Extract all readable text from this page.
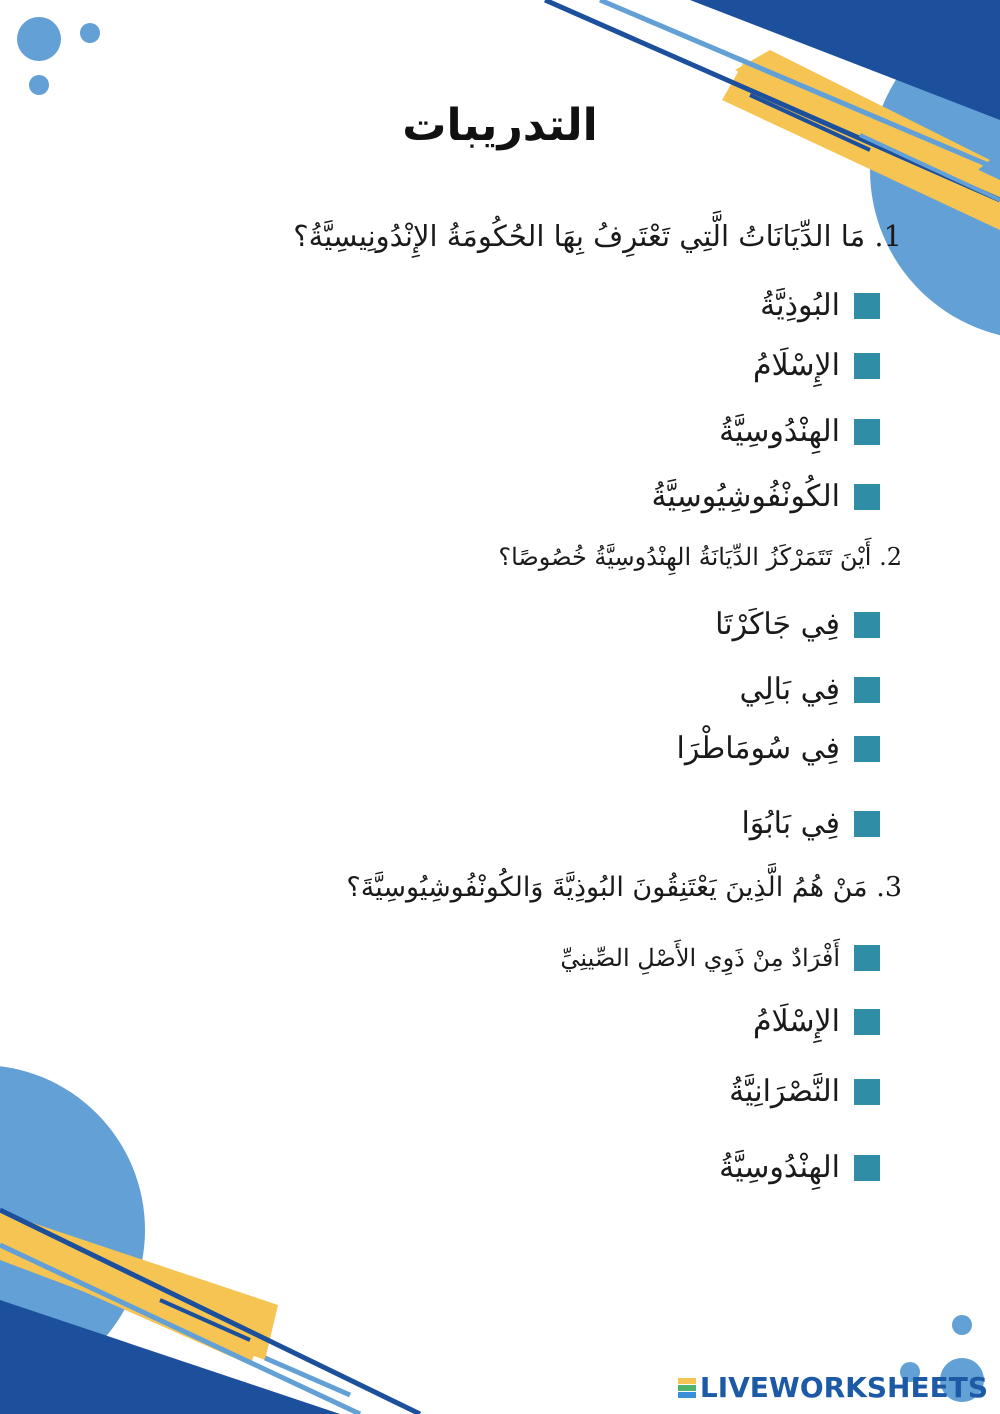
التدريبات
1. مَا الدِّيَانَاتُ الَّتِي تَعْتَرِفُ بِهَا الحُكُومَةُ الإِنْدُونِيسِيَّةُ؟
البُوذِيَّةُ
الإِسْلَامُ
الهِنْدُوسِيَّةُ
الكُونْفُوشِيُوسِيَّةُ
2. أَيْنَ تَتَمَرْكَزُ الدِّيَانَةُ الهِنْدُوسِيَّةُ خُصُوصًا؟
فِي جَاكَرْتَا
فِي بَالِي
فِي سُومَاطْرَا
فِي بَابُوَا
3. مَنْ هُمُ الَّذِينَ يَعْتَنِقُونَ البُوذِيَّةَ وَالكُونْفُوشِيُوسِيَّةَ؟
أَفْرَادٌ مِنْ ذَوِي الأَصْلِ الصِّينِيِّ
الإِسْلَامُ
النَّصْرَانِيَّةُ
الهِنْدُوسِيَّةُ
LIVEWORKSHEETS
